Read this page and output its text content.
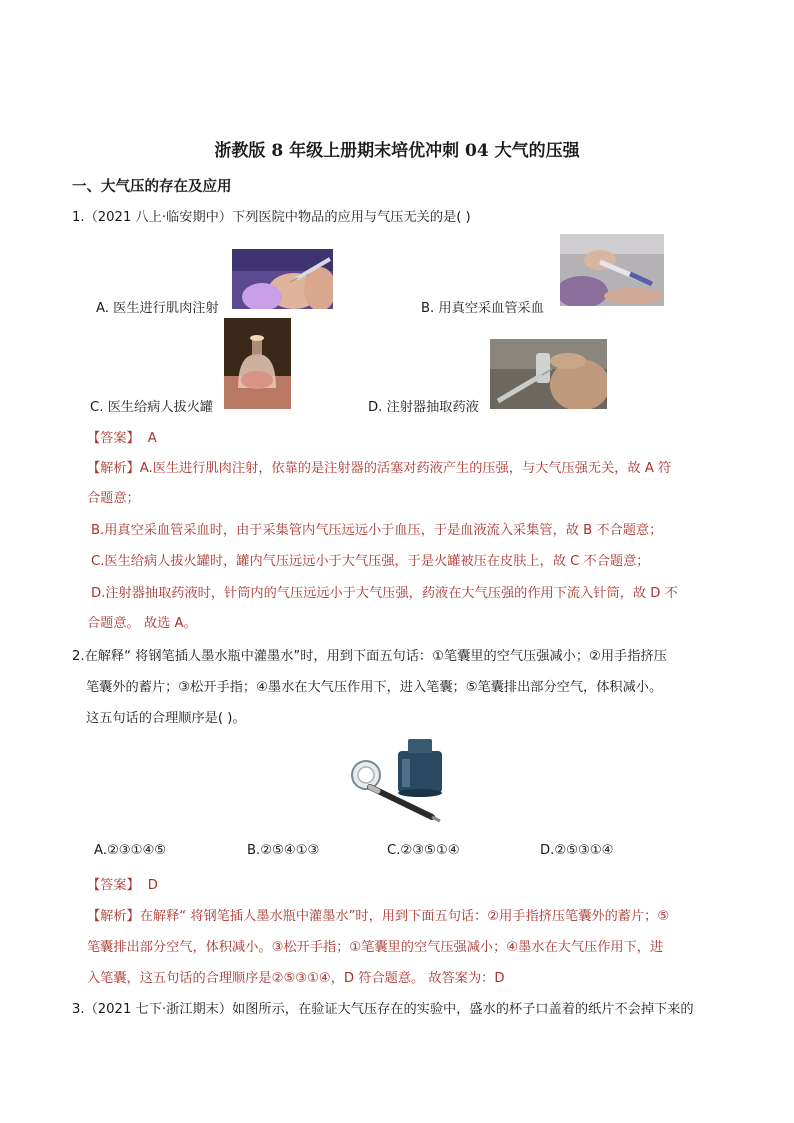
浙教版 8 年级上册期末培优冲刺 04 大气的压强
一、大气压的存在及应用
1.（2021 八上·临安期中）下列医院中物品的应用与气压无关的是( )
A. 医生进行肌肉注射	B. 用真空采血管采血
C. 医生给病人拔火罐	D. 注射器抽取药液
【答案】 A
【解析】A.医生进行肌肉注射，依靠的是注射器的活塞对药液产生的压强，与大气压强无关，故 A 符
合题意；
B.用真空采血管采血时，由于采集管内气压远远小于血压，于是血液流入采集管，故 B 不合题意；
C.医生给病人拔火罐时，罐内气压远远小于大气压强，于是火罐被压在皮肤上，故 C 不合题意；
D.注射器抽取药液时，针筒内的气压远远小于大气压强，药液在大气压强的作用下流入针筒，故 D 不
合题意。 故选 A。
2.在解释“ 将钢笔插人墨水瓶中灌墨水”时，用到下面五句话：①笔囊里的空气压强减小；②用手指挤压
笔囊外的蓄片；③松开手指；④墨水在大气压作用下，进入笔囊；⑤笔囊排出部分空气，体积减小。
这五句话的合理顺序是( )。
A.②③①④⑤	B.②⑤④①③	C.②③⑤①④	D.②⑤③①④
【答案】 D
【解析】在解释“ 将钢笔插人墨水瓶中灌墨水”时，用到下面五句话：②用手指挤压笔囊外的蓄片；⑤
笔囊排出部分空气，体积减小。③松开手指；①笔囊里的空气压强减小；④墨水在大气压作用下，进
入笔囊，这五句话的合理顺序是②⑤③①④，D 符合题意。 故答案为：D
3.（2021 七下·浙江期末）如图所示，在验证大气压存在的实验中，盛水的杯子口盖着的纸片不会掉下来的
